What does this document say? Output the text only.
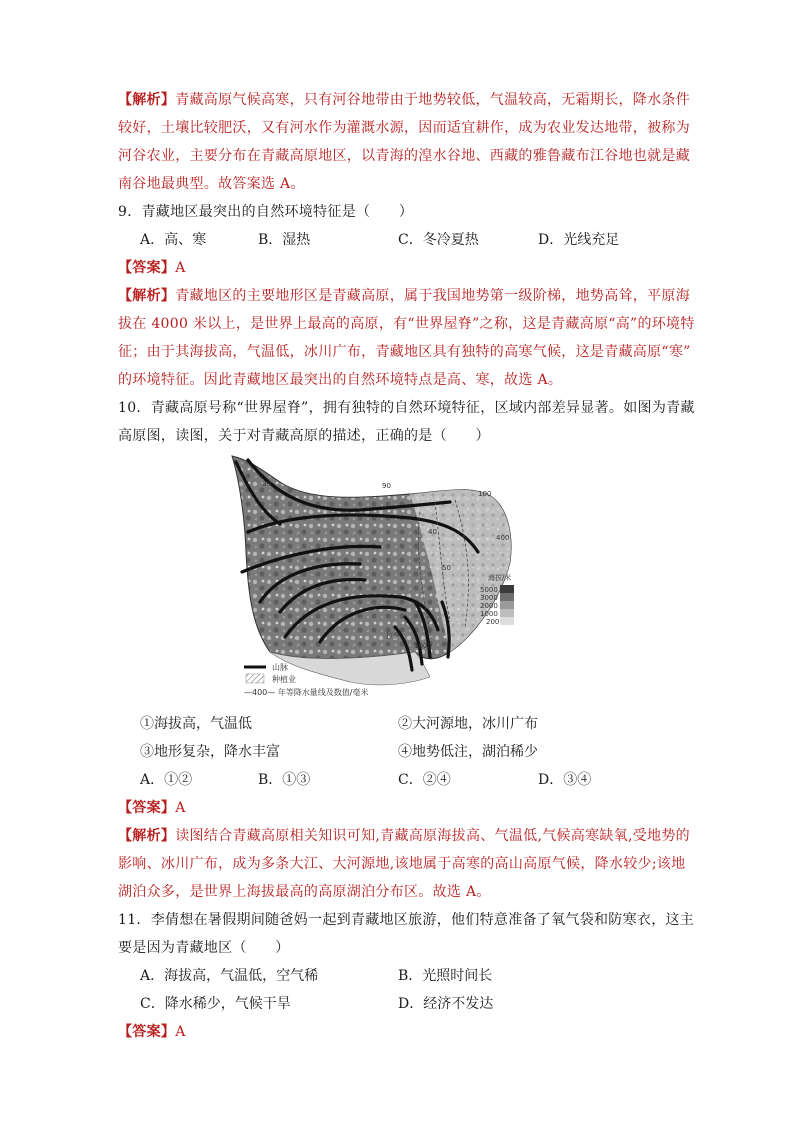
【解析】青藏高原气候高寒，只有河谷地带由于地势较低，气温较高，无霜期长，降水条件
较好，土壤比较肥沃，又有河水作为灌溉水源，因而适宜耕作，成为农业发达地带，被称为
河谷农业，主要分布在青藏高原地区，以青海的湟水谷地、西藏的雅鲁藏布江谷地也就是藏
南谷地最典型。故答案选 A。
9．青藏地区最突出的自然环境特征是（　　）
A．高、寒	B．湿热	C．冬冷夏热	D．光线充足
【答案】A
【解析】青藏地区的主要地形区是青藏高原，属于我国地势第一级阶梯，地势高耸，平原海
拔在 4000 米以上，是世界上最高的高原，有“世界屋脊”之称，这是青藏高原“高”的环境特
征；由于其海拔高，气温低，冰川广布，青藏地区具有独特的高寒气候，这是青藏高原“寒”
的环境特征。因此青藏地区最突出的自然环境特点是高、寒，故选 A。
10．青藏高原号称“世界屋脊”，拥有独特的自然环境特征，区域内部差异显著。如图为青藏
高原图，读图，关于对青藏高原的描述，正确的是（　　）
90
100
40
50
400
拉萨
1000
80
海拔/米
5000
3000
2000
1000
200
山脉
种植业
—400— 年等降水量线及数值/毫米
①海拔高，气温低	②大河源地，冰川广布
③地形复杂，降水丰富	④地势低注，湖泊稀少
A．①②	B．①③	C．②④	D．③④
【答案】A
【解析】读图结合青藏高原相关知识可知,青藏高原海拔高、气温低,气候高寒缺氧,受地势的
影响、冰川广布，成为多条大江、大河源地,该地属于高寒的高山高原气候，降水较少;该地
湖泊众多，是世界上海拔最高的高原湖泊分布区。故选 A。
11．李倩想在暑假期间随爸妈一起到青藏地区旅游，他们特意准备了氧气袋和防寒衣，这主
要是因为青藏地区（　　）
A．海拔高，气温低，空气稀	B．光照时间长
C．降水稀少，气候干旱	D．经济不发达
【答案】A
